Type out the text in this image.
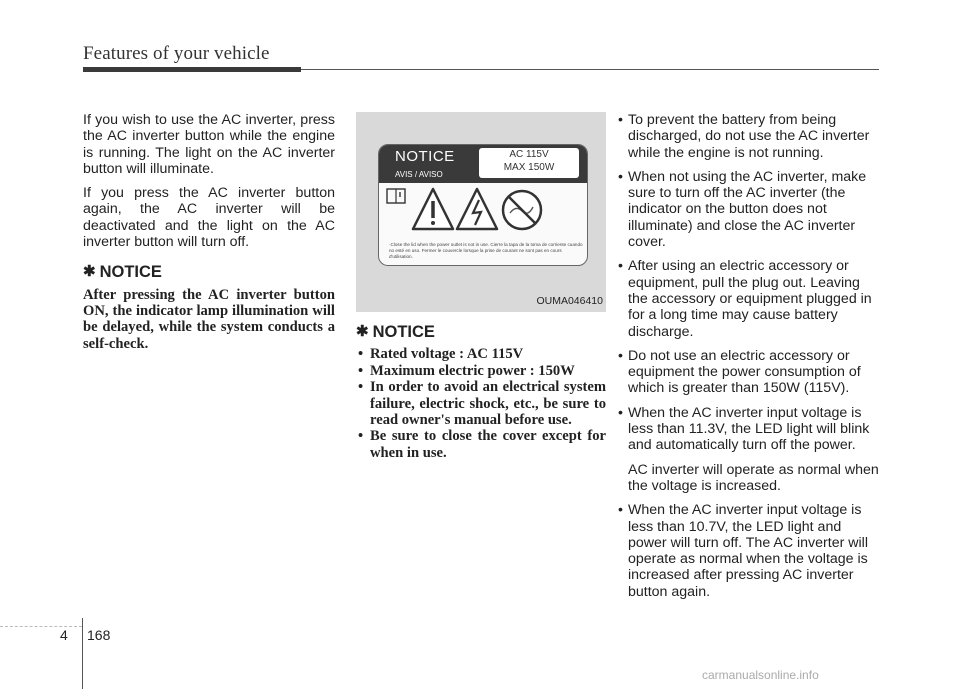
Features of your vehicle

If you wish to use the AC inverter, press the AC inverter button while the engine is running. The light on the AC inverter button will illuminate.

If you press the AC inverter button again, the AC inverter will be deactivated and the light on the AC inverter button will turn off.

✱ NOTICE

After pressing the AC inverter button ON, the indicator lamp illumination will be delayed, while the system conducts a self-check.

NOTICE
AVIS / AVISO
AC 115V
MAX 150W
·Close the lid when the power outlet is not in use. Cierre la tapa de la toma de corriente cuando no esté en uso. Fermer le couvercle lorsque la prise de courant ne sont pas en cours d'utilisation.
OUMA046410
✱ NOTICE
• Rated voltage : AC 115V
• Maximum electric power : 150W
• In order to avoid an electrical system failure, electric shock, etc., be sure to read owner's manual before use.
• Be sure to close the cover except for when in use.
• To prevent the battery from being discharged, do not use the AC inverter while the engine is not running.
• When not using the AC inverter, make sure to turn off the AC inverter (the indicator on the button does not illuminate) and close the AC inverter cover.
• After using an electric accessory or equipment, pull the plug out. Leaving the accessory or equipment plugged in for a long time may cause battery discharge.
• Do not use an electric accessory or equipment the power consumption of which is greater than 150W (115V).
• When the AC inverter input voltage is less than 11.3V, the LED light will blink and automatically turn off the power.
AC inverter will operate as normal when the voltage is increased.
• When the AC inverter input voltage is less than 10.7V, the LED light and power will turn off. The AC inverter will operate as normal when the voltage is increased after pressing AC inverter button again.
4 168
carmanualsonline.info
